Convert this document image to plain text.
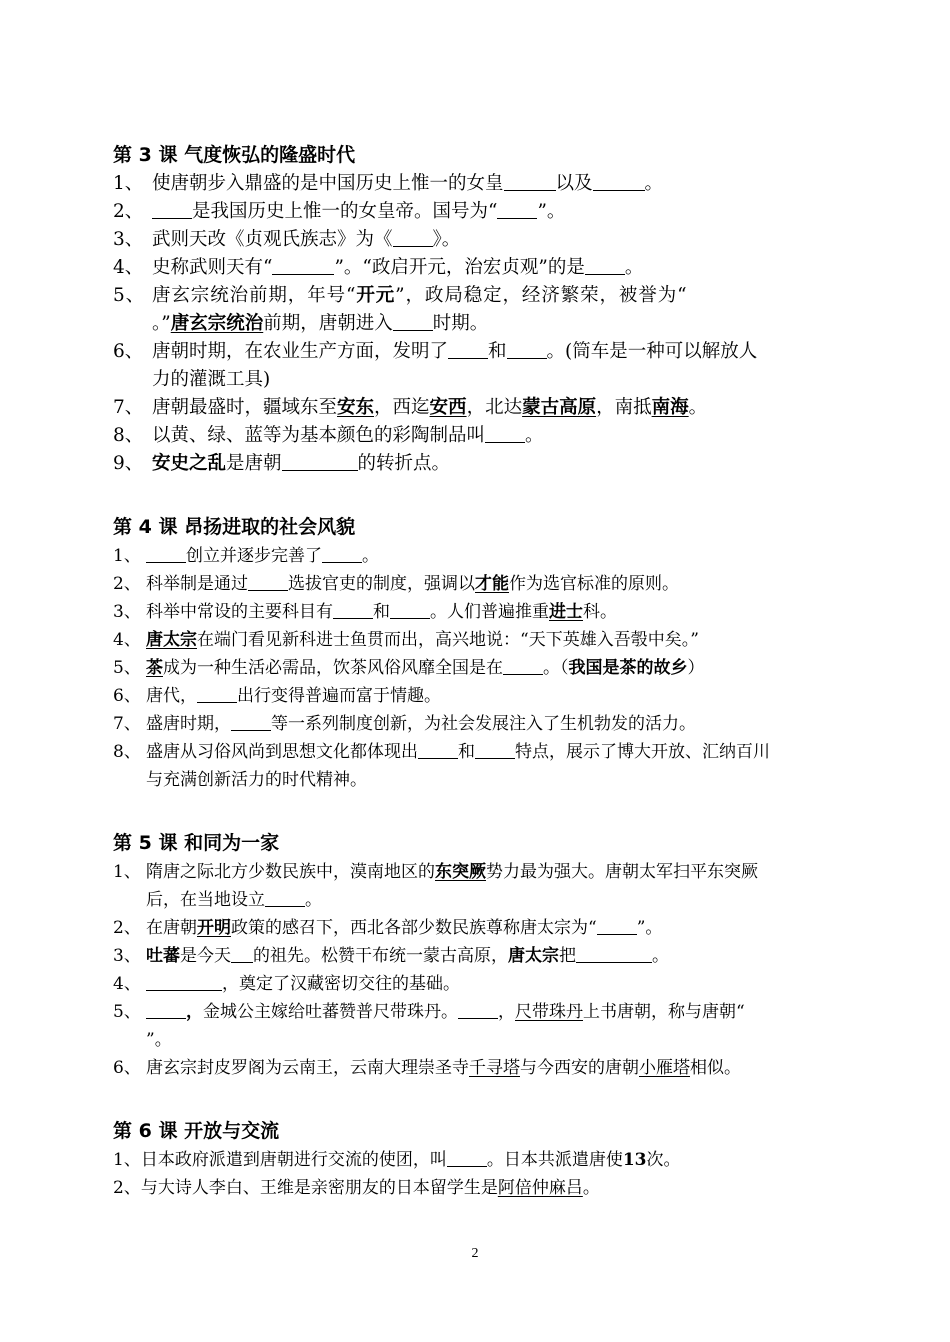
第 3 课 气度恢弘的隆盛时代
1、 使唐朝步入鼎盛的是中国历史上惟一的女皇	以及	。
2、	是我国历史上惟一的女皇帝。国号为“ ”。
3、 武则天改《贞观氏族志》为《 》。
4、 史称武则天有“	”。“政启开元，治宏贞观”的是 。
5、 唐玄宗统治前期，年号“开元”，政局稳定，经济繁荣，被誉为“
。”唐玄宗统治前期，唐朝进入 时期。
6、 唐朝时期，在农业生产方面，发明了 和 。(筒车是一种可以解放人
力的灌溉工具)
7、 唐朝最盛时，疆域东至安东，西迄安西，北达蒙古高原，南抵南海。
8、 以黄、绿、蓝等为基本颜色的彩陶制品叫 。
9、 安史之乱是唐朝	的转折点。
第 4 课 昂扬进取的社会风貌
1、	创立并逐步完善了 。
2、 科举制是通过 选拔官吏的制度，强调以才能作为选官标准的原则。
3、 科举中常设的主要科目有 和 。人们普遍推重进士科。
4、 唐太宗在端门看见新科进士鱼贯而出，高兴地说：“天下英雄入吾彀中矣。”
5、 茶成为一种生活必需品，饮茶风俗风靡全国是在 。（我国是茶的故乡）
6、 唐代， 出行变得普遍而富于情趣。
7、 盛唐时期， 等一系列制度创新，为社会发展注入了生机勃发的活力。
8、 盛唐从习俗风尚到思想文化都体现出 和 特点，展示了博大开放、汇纳百川
与充满创新活力的时代精神。
第 5 课 和同为一家
1、 隋唐之际北方少数民族中，漠南地区的东突厥势力最为强大。唐朝太军扫平东突厥
后，在当地设立 。
2、 在唐朝开明政策的感召下，西北各部少数民族尊称唐太宗为“ ”。
3、 吐蕃是今天 的祖先。松赞干布统一蒙古高原，唐太宗把	。
4、	，奠定了汉藏密切交往的基础。
5、	，金城公主嫁给吐蕃赞普尺带珠丹。 ，尺带珠丹上书唐朝，称与唐朝“
”。
6、 唐玄宗封皮罗阁为云南王，云南大理崇圣寺千寻塔与今西安的唐朝小雁塔相似。
第 6 课 开放与交流
1、日本政府派遣到唐朝进行交流的使团，叫 。日本共派遣唐使13次。
2、与大诗人李白、王维是亲密朋友的日本留学生是阿倍仲麻吕。
2
